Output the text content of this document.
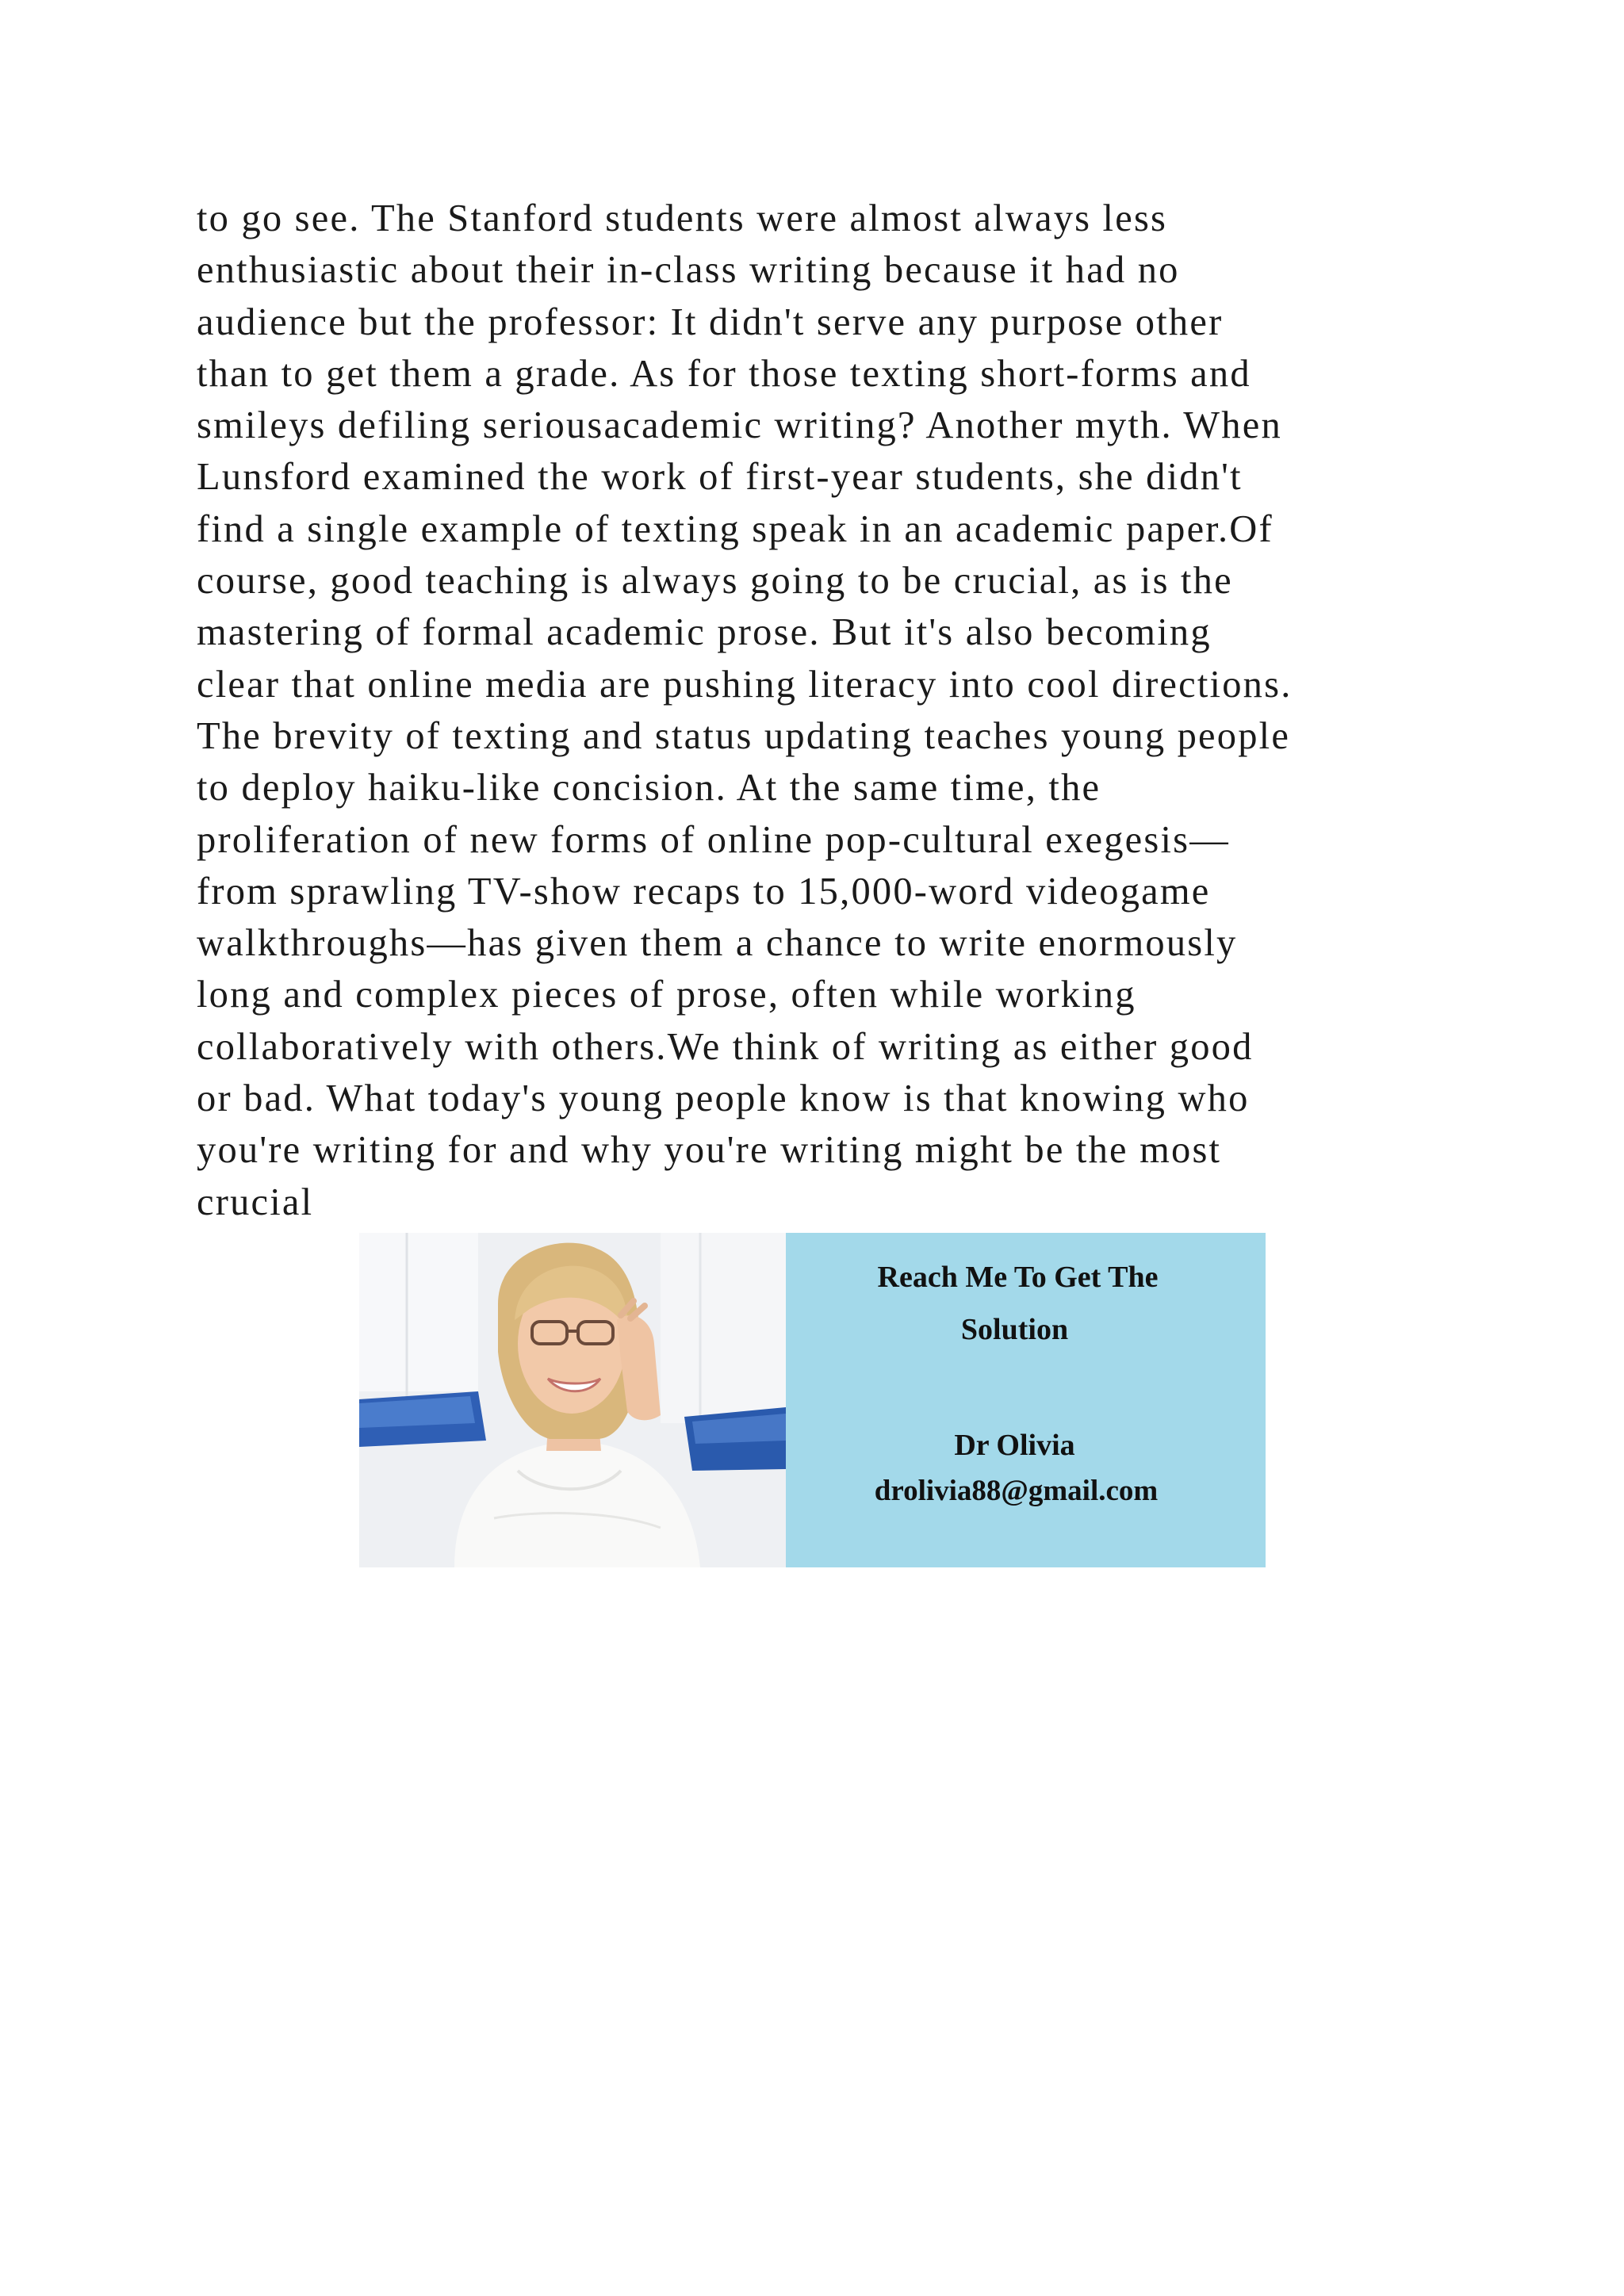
to go see. The Stanford students were almost always less
enthusiastic about their in-class writing because it had no
audience but the professor: It didn't serve any purpose other
than to get them a grade. As for those texting short-forms and
smileys defiling seriousacademic writing? Another myth. When
Lunsford examined the work of first-year students, she didn't
find a single example of texting speak in an academic paper.Of
course, good teaching is always going to be crucial, as is the
mastering of formal academic prose. But it's also becoming
clear that online media are pushing literacy into cool directions.
The brevity of texting and status updating teaches young people
to deploy haiku-like concision. At the same time, the
proliferation of new forms of online pop-cultural exegesis—
from sprawling TV-show recaps to 15,000-word videogame
walkthroughs—has given them a chance to write enormously
long and complex pieces of prose, often while working
collaboratively with others.We think of writing as either good
or bad. What today's young people know is that knowing who
you're writing for and why you're writing might be the most
crucial

Reach Me To Get The
Solution
Dr Olivia
drolivia88@gmail.com
